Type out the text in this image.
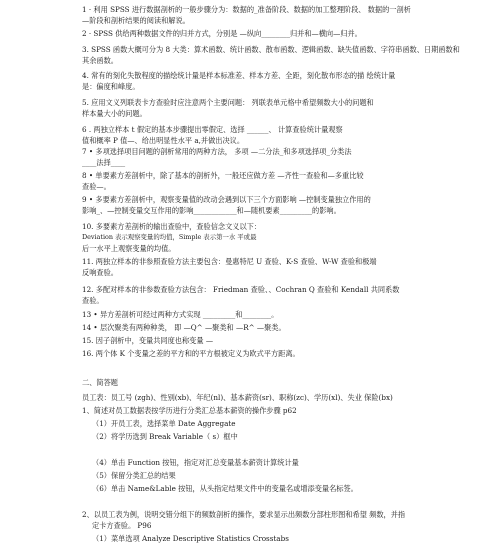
1 · 利用 SPSS 进行数据剖析的一般步骤分为：数据的_准备阶段、数据的加工整理阶段、 数据的一剖析
—阶段和剖析结果的阅读和解说。
2 · SPSS 供给两种数据文件的归并方式，分别是 —纵向________归并和—横向—归并。
3. SPSS 函数大概可分为 8 大类：算术函数、统计函数、散布函数、逻辑函数、缺失值函数、字符串函数、日期函数和
其余函数。
4. 常有的刻化失散程度的描绘统计量是样本标准差、样本方差、全距，刻化散布形态的描 绘统计量
是：偏度和峰度。
5. 应用文义列联表卡方查验时应注意两个主要问题： 列联表单元格中希望频数大小的问题和
样本量大小的问题。
6 . 两独立样本 t 假定的基本步骤提出零假定、选择 ______、 计算查验统计量观察
值和概率 P 值—、给出明显性水平 a,并做出决议。
7 • 多项选择项目问题的剖析常用的两种方法， 多项 —二分法_和多项选择项_分类法
____法择____
8 • 单要素方差剖析中，除了基本的剖析外，一般还应做方差 —齐性一查验和—多重比较
查验—。
9 • 多要素方差剖析中，观察变量值的改动会遇到以下三个方面影响 —控制变量独立作用的
影响_、—控制变量交互作用的影响____________和—随机要素_________的影响。
10. 多要素方差剖析的输出查验中，查验信念文义以下：
Deviation 表示观察变量的均值，Simple 表示第一水 平或最
后一水平上观察变量的均值。
11. 两独立样本的非参照查验方法主要包含：曼惠特尼 U 查验、K-S 查验、W-W 查验和极端
反响查验。
12. 多配对样本的非参数查验方法包含： Friedman 查验、、Cochran Q 查验和 Kendall 共同系数
查验。
13 • 异方差剖析可经过两种方式实现 _________和________。
14 • 层次聚类有两种种类， 即 —Q^ —聚类和 —R^ —聚类。
15. 因子剖析中，变量共同度也称变量 —
16. 两个体 K 个变量之差的平方和的平方根被定义为欧式平方距离。
二、简答题
员工表：员工号 (zgh)、性别(xb)、年纪(nl)、基本薪资(sr)、职称(zc)、学历(xl)、失业 保险(bx)
1、简述对员工数据表按学历进行分类汇总基本薪资的操作步骤 p62
（1）开员工表，选择菜单 Date Aggregate
（2）将学历选到 Break Variable（ s）框中
（4）单击 Function 按钮，指定对汇总变量基本薪资计算统计量
（5）保留分类汇总的结果
（6）单击 Name&Lable 按钮，从头指定结果文件中的变量名或增添变量名标签。
2、以员工表为例，说明交错分组下的频数剖析的操作，要求显示出频数分部柱形图和希望 频数，并指
定卡方查验。 P96
（1）菜单选项 Analyze Descriptive Statistics Crosstabs
